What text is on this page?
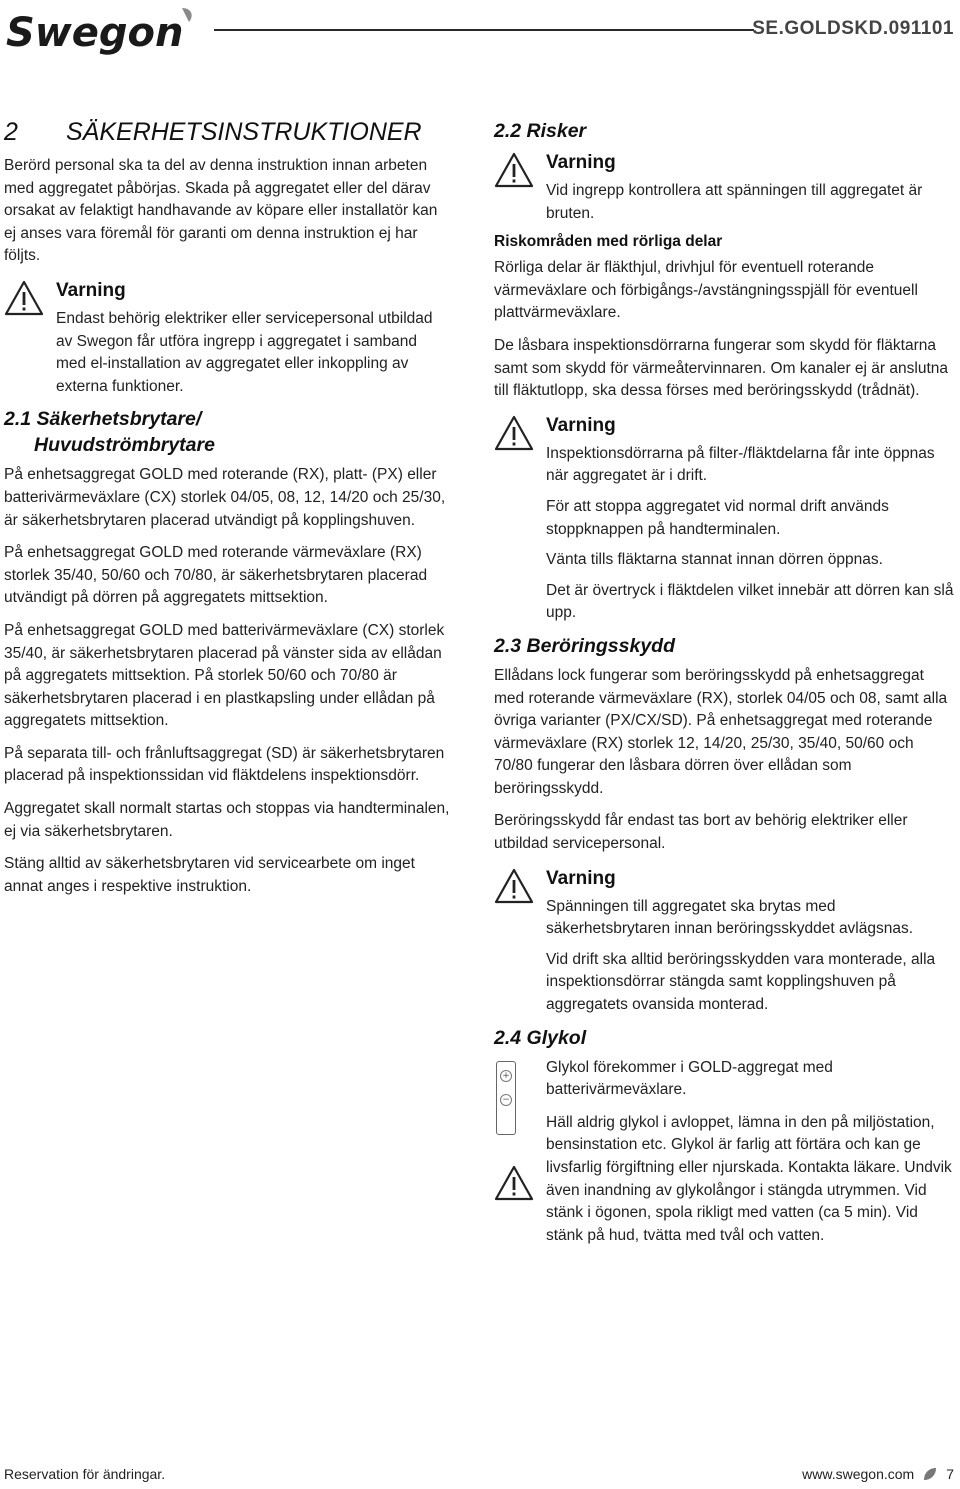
Swegon	SE.GOLDSKD.091101
2 SÄKERHETSINSTRUKTIONER

Berörd personal ska ta del av denna instruktion innan arbeten med aggregatet påbörjas. Skada på aggregatet eller del därav orsakat av felaktigt handhavande av köpare eller installatör kan ej anses vara föremål för garanti om denna instruktion ej har följts.

Varning

Endast behörig elektriker eller servicepersonal utbildad av Swegon får utföra ingrepp i aggregatet i samband med el-installation av aggregatet eller inkoppling av externa funktioner.

2.1 Säkerhetsbrytare/
Huvudströmbrytare

På enhetsaggregat GOLD med roterande (RX), platt- (PX) eller batterivärmeväxlare (CX) storlek 04/05, 08, 12, 14/20 och 25/30, är säkerhetsbrytaren placerad utvändigt på kopplingshuven.

På enhetsaggregat GOLD med roterande värmeväxlare (RX) storlek 35/40, 50/60 och 70/80, är säkerhetsbrytaren placerad utvändigt på dörren på aggregatets mittsektion.

På enhetsaggregat GOLD med batterivärmeväxlare (CX) storlek 35/40, är säkerhetsbrytaren placerad på vänster sida av ellådan på aggregatets mittsektion. På storlek 50/60 och 70/80 är säkerhetsbrytaren placerad i en plastkapsling under ellådan på aggregatets mittsektion.

På separata till- och frånluftsaggregat (SD) är säkerhetsbrytaren placerad på inspektionssidan vid fläktdelens inspektionsdörr.

Aggregatet skall normalt startas och stoppas via handterminalen, ej via säkerhetsbrytaren.

Stäng alltid av säkerhetsbrytaren vid servicearbete om inget annat anges i respektive instruktion.

2.2 Risker
Varning

Vid ingrepp kontrollera att spänningen till aggregatet är bruten.

Riskområden med rörliga delar

Rörliga delar är fläkthjul, drivhjul för eventuell roterande värmeväxlare och förbigångs-/avstängningsspjäll för eventuell plattvärmeväxlare.

De låsbara inspektionsdörrarna fungerar som skydd för fläktarna samt som skydd för värmeåtervinnaren. Om kanaler ej är anslutna till fläktutlopp, ska dessa förses med beröringsskydd (trådnät).

Varning

Inspektionsdörrarna på filter-/fläktdelarna får inte öppnas när aggregatet är i drift.

För att stoppa aggregatet vid normal drift används stoppknappen på handterminalen.

Vänta tills fläktarna stannat innan dörren öppnas.

Det är övertryck i fläktdelen vilket innebär att dörren kan slå upp.

2.3 Beröringsskydd

Ellådans lock fungerar som beröringsskydd på enhetsaggregat med roterande värmeväxlare (RX), storlek 04/05 och 08, samt alla övriga varianter (PX/CX/SD). På enhetsaggregat med roterande värmeväxlare (RX) storlek 12, 14/20, 25/30, 35/40, 50/60 och 70/80 fungerar den låsbara dörren över ellådan som beröringsskydd.

Beröringsskydd får endast tas bort av behörig elektriker eller utbildad servicepersonal.

Varning

Spänningen till aggregatet ska brytas med säkerhetsbrytaren innan beröringsskyddet avlägsnas.

Vid drift ska alltid beröringsskydden vara monterade, alla inspektionsdörrar stängda samt kopplingshuven på aggregatets ovansida monterad.

2.4 Glykol
+
−

Glykol förekommer i GOLD-aggregat med batterivärmeväxlare.

Häll aldrig glykol i avloppet, lämna in den på miljöstation, bensinstation etc. Glykol är farlig att förtära och kan ge livsfarlig förgiftning eller njurskada. Kontakta läkare. Undvik även inandning av glykolångor i stängda utrymmen. Vid stänk i ögonen, spola rikligt med vatten (ca 5 min). Vid stänk på hud, tvätta med tvål och vatten.

Reservation för ändringar.	www.swegon.com 7
